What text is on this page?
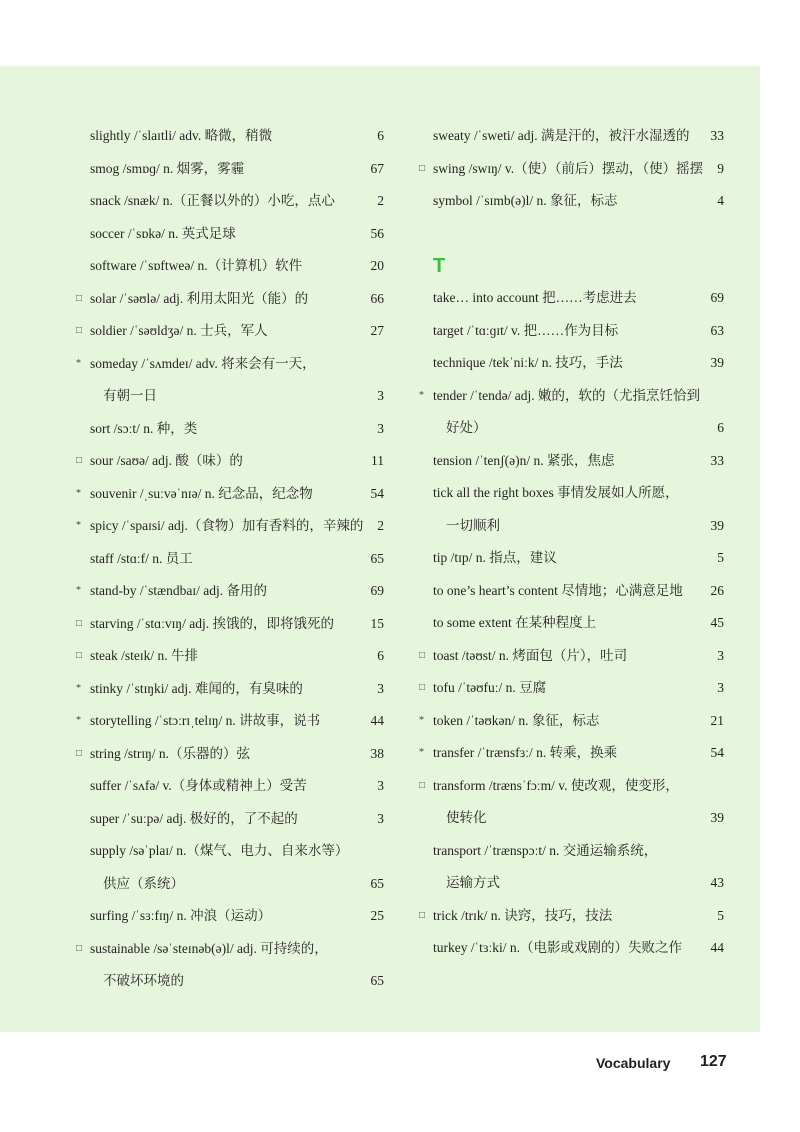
slightly /ˈslaɪtli/ adv. 略微，稍微	6
smog /smɒɡ/ n. 烟雾，雾霾	67
snack /snæk/ n.（正餐以外的）小吃，点心	2
soccer /ˈsɒkə/ n. 英式足球	56
software /ˈsɒftweə/ n.（计算机）软件	20
□ solar /ˈsəʊlə/ adj. 利用太阳光（能）的	66
□ soldier /ˈsəʊldʒə/ n. 士兵，军人	27
* someday /ˈsʌmdeɪ/ adv. 将来会有一天，
有朝一日	3
sort /sɔːt/ n. 种，类	3
□ sour /saʊə/ adj. 酸（味）的	11
* souvenir /ˌsuːvəˈnɪə/ n. 纪念品，纪念物	54
* spicy /ˈspaɪsi/ adj.（食物）加有香料的，辛辣的 2
staff /stɑːf/ n. 员工	65
* stand-by /ˈstændbaɪ/ adj. 备用的	69
□ starving /ˈstɑːvɪŋ/ adj. 挨饿的，即将饿死的	15
□ steak /steɪk/ n. 牛排	6
* stinky /ˈstɪŋki/ adj. 难闻的，有臭味的	3
* storytelling /ˈstɔːrɪˌtelɪŋ/ n. 讲故事，说书	44
□ string /strɪŋ/ n.（乐器的）弦	38
suffer /ˈsʌfə/ v.（身体或精神上）受苦	3
super /ˈsuːpə/ adj. 极好的，了不起的	3
supply /səˈplaɪ/ n.（煤气、电力、自来水等）
供应（系统）	65
surfing /ˈsɜːfɪŋ/ n. 冲浪（运动）	25
□ sustainable /səˈsteɪnəb(ə)l/ adj. 可持续的，
不破坏环境的	65
T
sweaty /ˈsweti/ adj. 满是汗的，被汗水湿透的 33
□ swing /swɪŋ/ v.（使）（前后）摆动，（使）摇摆 9
symbol /ˈsɪmb(ə)l/ n. 象征，标志	4
take… into account 把……考虑进去	69
target /ˈtɑːɡɪt/ v. 把……作为目标	63
technique /tekˈniːk/ n. 技巧，手法	39
* tender /ˈtendə/ adj. 嫩的，软的（尤指烹饪恰到
好处）	6
tension /ˈtenʃ(ə)n/ n. 紧张，焦虑	33
tick all the right boxes 事情发展如人所愿，
一切顺利	39
tip /tɪp/ n. 指点，建议	5
to one’s heart’s content 尽情地；心满意足地 26
to some extent 在某种程度上	45
□ toast /təʊst/ n. 烤面包（片），吐司	3
□ tofu /ˈtəʊfuː/ n. 豆腐	3
* token /ˈtəʊkən/ n. 象征，标志	21
* transfer /ˈtrænsfɜː/ n. 转乘，换乘	54
□ transform /trænsˈfɔːm/ v. 使改观，使变形，
使转化	39
transport /ˈtrænspɔːt/ n. 交通运输系统，
运输方式	43
□ trick /trɪk/ n. 诀窍，技巧，技法	5
turkey /ˈtɜːki/ n.（电影或戏剧的）失败之作 44
Vocabulary 127
